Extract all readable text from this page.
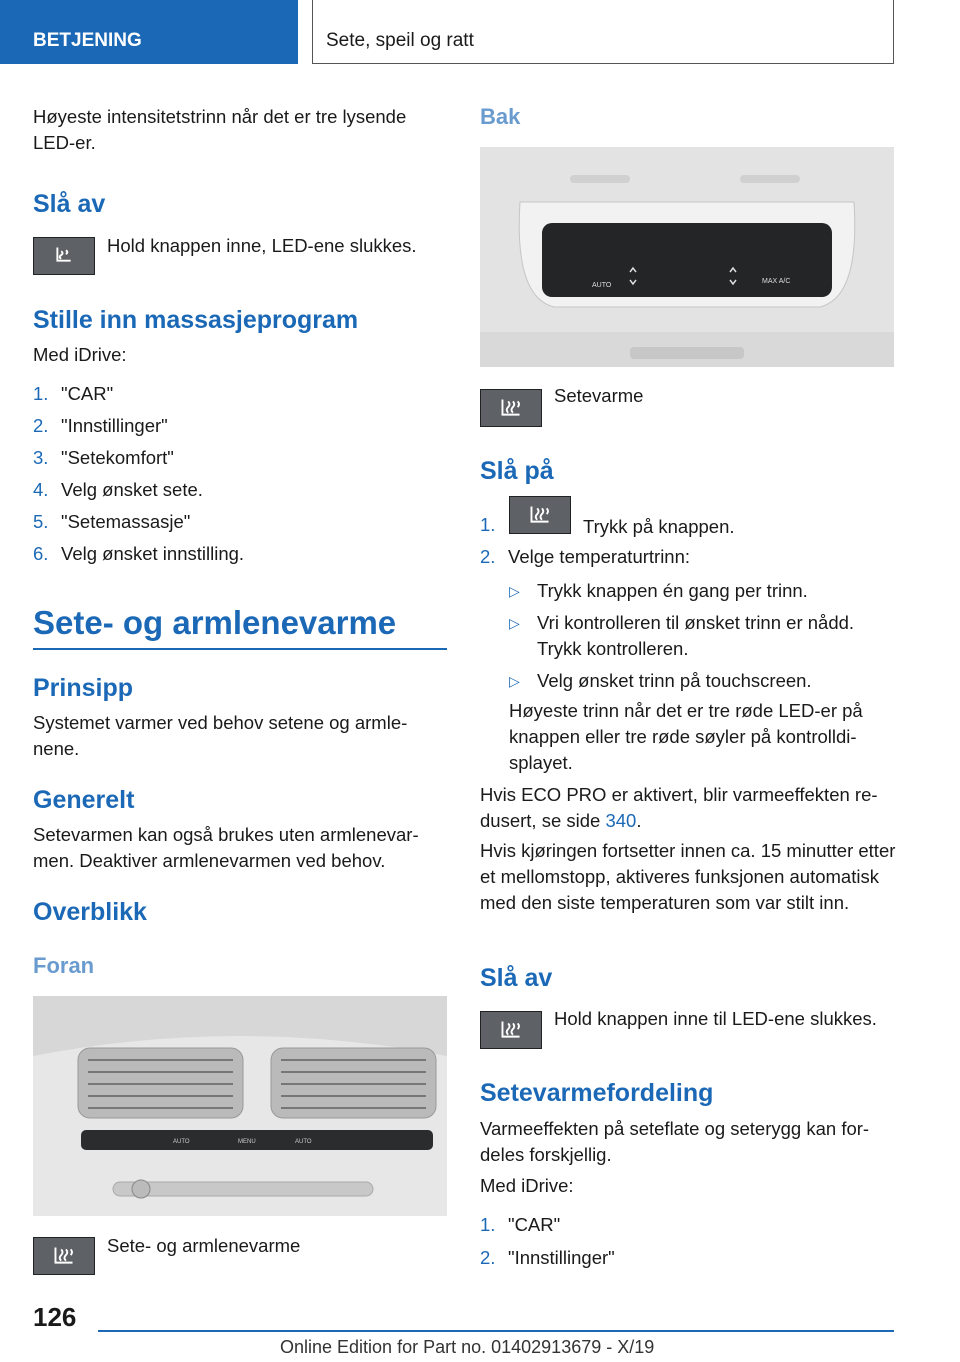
BETJENING	Sete, speil og ratt
Høyeste intensitetstrinn når det er tre lysende LED-er.
Slå av
Hold knappen inne, LED-ene slukkes.
Stille inn massasjeprogram
Med iDrive:
1. "CAR"
2. "Innstillinger"
3. "Setekomfort"
4. Velg ønsket sete.
5. "Setemassasje"
6. Velg ønsket innstilling.
Sete- og armlenevarme
Prinsipp
Systemet varmer ved behov setene og armlenene.
Generelt
Setevarmen kan også brukes uten armlenevarmen. Deaktiver armlenevarmen ved behov.
Overblikk
Foran
AUTO	MENU	AUTO
Sete- og armlenevarme
Bak
AUTO
MAX A/C
Setevarme
Slå på
1.	Trykk på knappen.
2. Velge temperaturtrinn:
▷ Trykk knappen én gang per trinn.
▷ Vri kontrolleren til ønsket trinn er nådd. Trykk kontrolleren.
▷ Velg ønsket trinn på touchscreen.
Høyeste trinn når det er tre røde LED-er på knappen eller tre røde søyler på kontrolldisplayet.
Hvis ECO PRO er aktivert, blir varmeeffekten redusert, se side 340.
Hvis kjøringen fortsetter innen ca. 15 minutter etter et mellomstopp, aktiveres funksjonen automatisk med den siste temperaturen som var stilt inn.
Slå av
Hold knappen inne til LED-ene slukkes.
Setevarmefordeling
Varmeeffekten på seteflate og seterygg kan fordeles forskjellig.
Med iDrive:
1. "CAR"
2. "Innstillinger"
126
Online Edition for Part no. 01402913679 - X/19
